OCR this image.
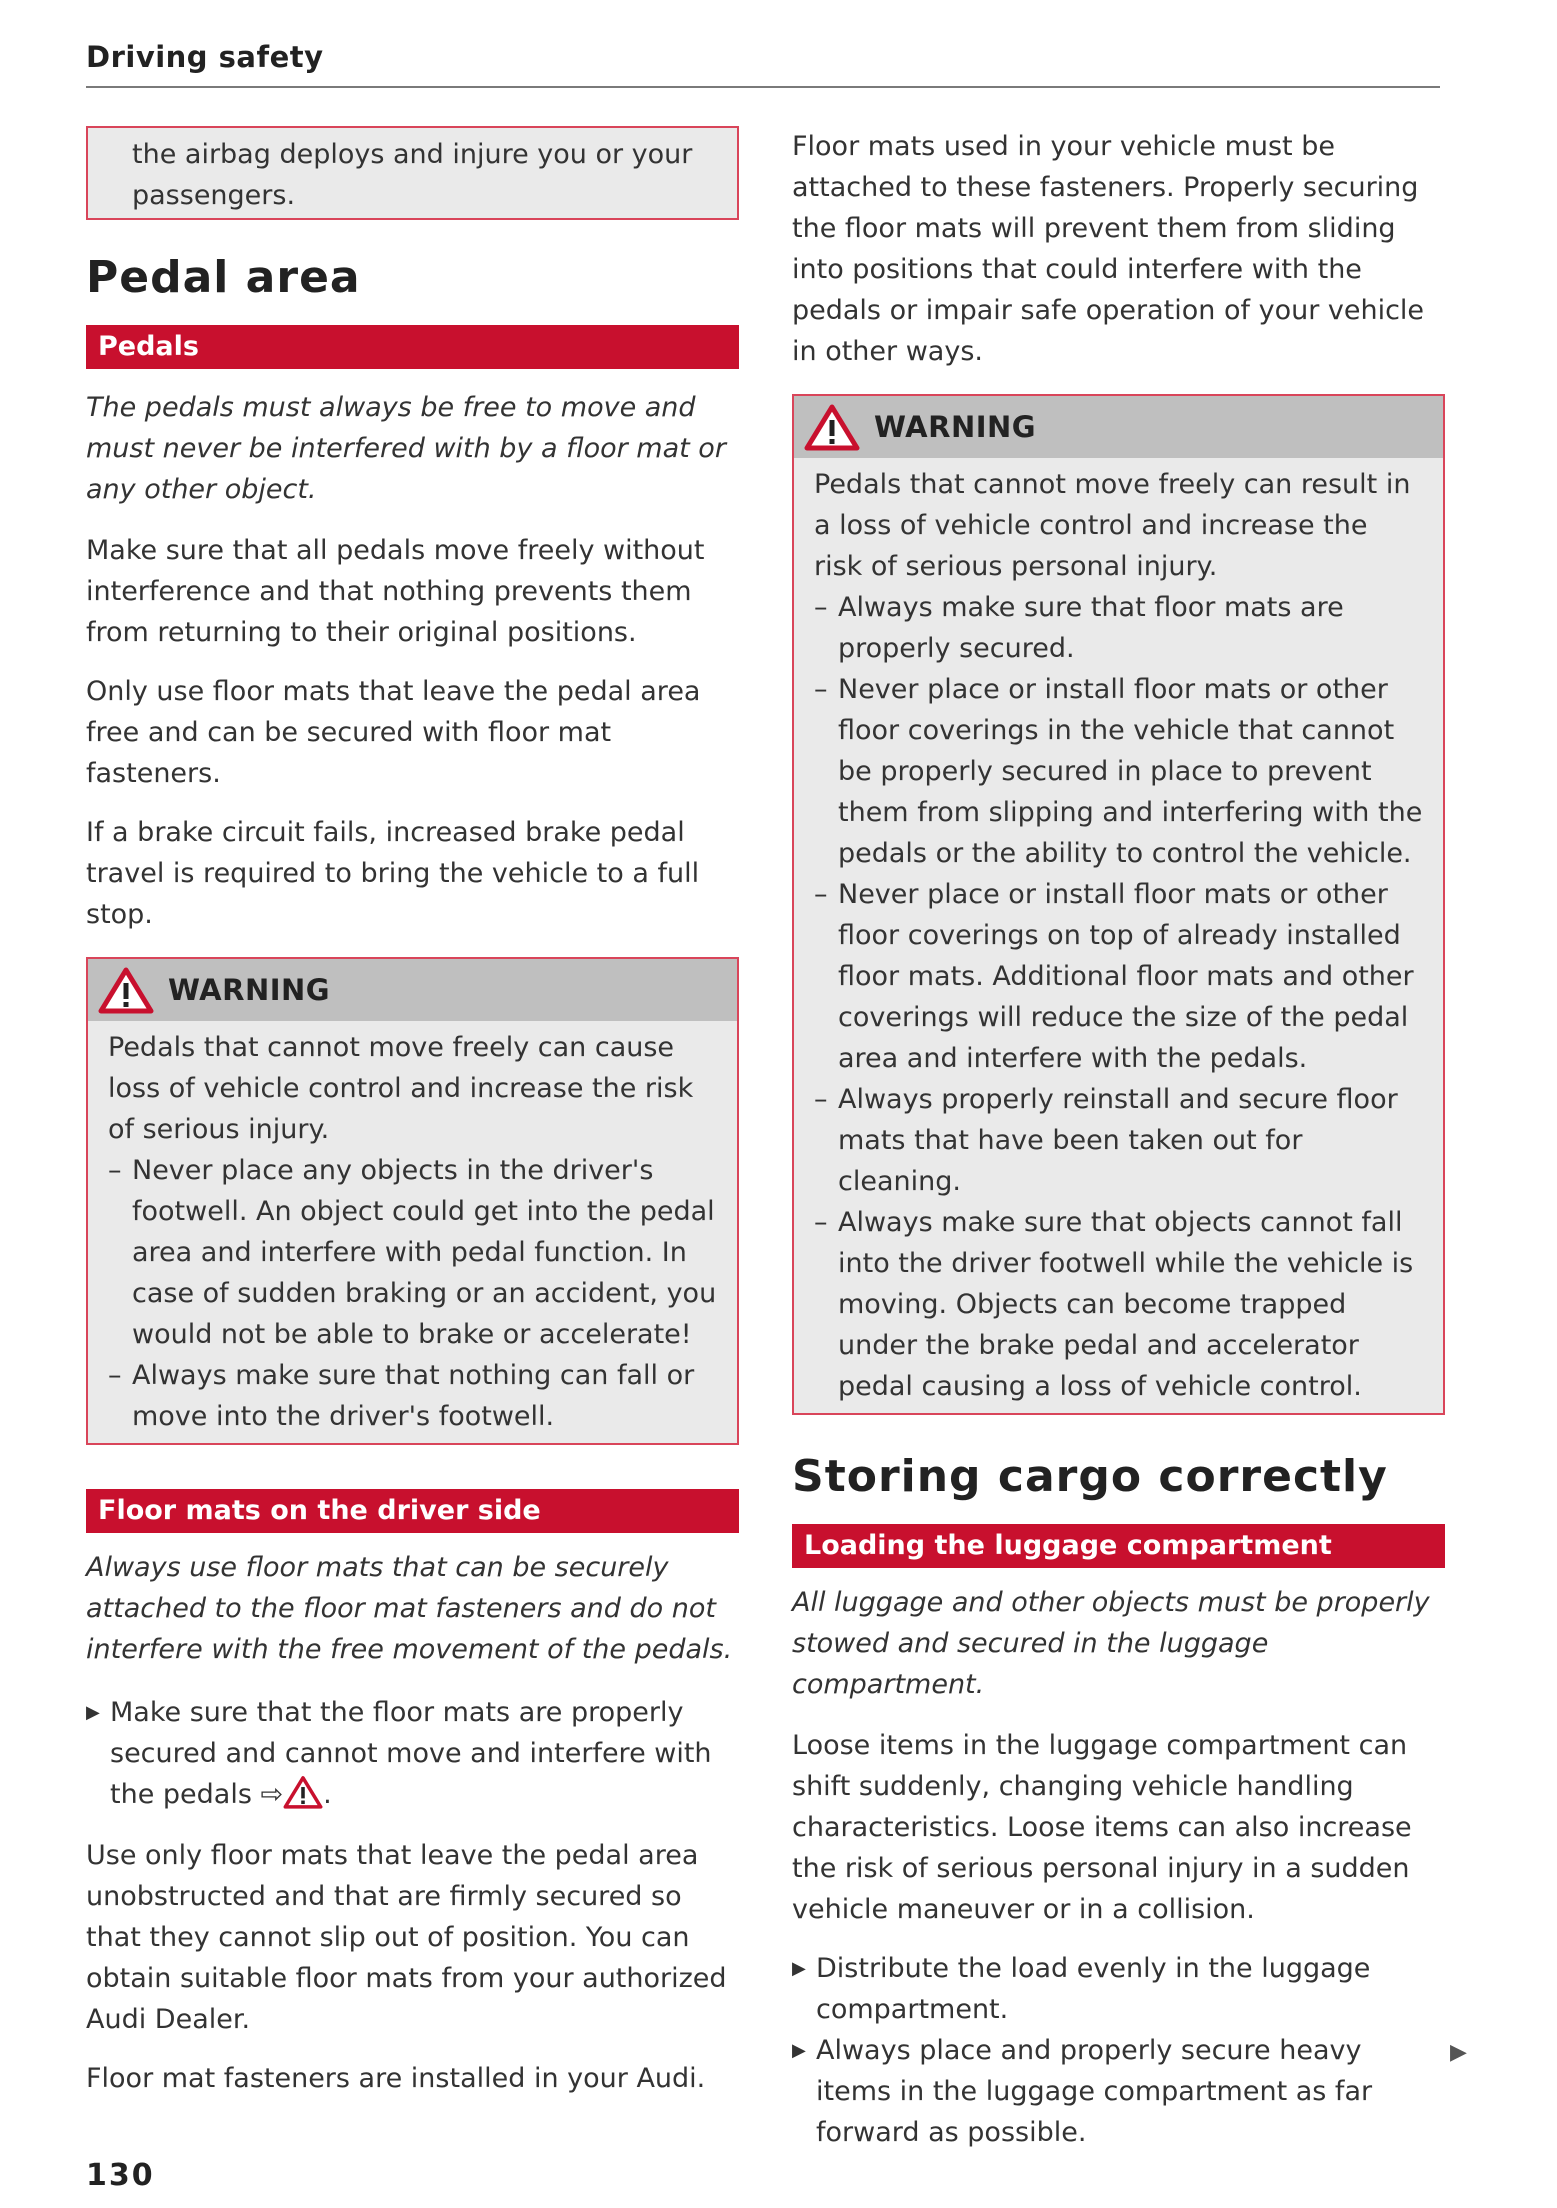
Driving safety

the airbag deploys and injure you or your passengers.

Pedal area
Pedals

The pedals must always be free to move and must never be interfered with by a floor mat or any other object.

Make sure that all pedals move freely without interference and that nothing prevents them from returning to their original positions.

Only use floor mats that leave the pedal area free and can be secured with floor mat fasteners.

If a brake circuit fails, increased brake pedal travel is required to bring the vehicle to a full stop.

WARNING

Pedals that cannot move freely can cause loss of vehicle control and increase the risk of serious injury.

– Never place any objects in the driver's footwell. An object could get into the pedal area and interfere with pedal function. In case of sudden braking or an accident, you would not be able to brake or accelerate!
– Always make sure that nothing can fall or move into the driver's footwell.
Floor mats on the driver side

Always use floor mats that can be securely attached to the floor mat fasteners and do not interfere with the free movement of the pedals.

▶ Make sure that the floor mats are properly secured and cannot move and interfere with the pedals ⇨ .

Use only floor mats that leave the pedal area unobstructed and that are firmly secured so that they cannot slip out of position. You can obtain suitable floor mats from your authorized Audi Dealer.

Floor mat fasteners are installed in your Audi.

Floor mats used in your vehicle must be attached to these fasteners. Properly securing the floor mats will prevent them from sliding into positions that could interfere with the pedals or impair safe operation of your vehicle in other ways.

WARNING

Pedals that cannot move freely can result in a loss of vehicle control and increase the risk of serious personal injury.

– Always make sure that floor mats are properly secured.
– Never place or install floor mats or other floor coverings in the vehicle that cannot be properly secured in place to prevent them from slipping and interfering with the pedals or the ability to control the vehicle.
– Never place or install floor mats or other floor coverings on top of already installed floor mats. Additional floor mats and other coverings will reduce the size of the pedal area and interfere with the pedals.
– Always properly reinstall and secure floor mats that have been taken out for cleaning.
– Always make sure that objects cannot fall into the driver footwell while the vehicle is moving. Objects can become trapped under the brake pedal and accelerator pedal causing a loss of vehicle control.
Storing cargo correctly
Loading the luggage compartment

All luggage and other objects must be properly stowed and secured in the luggage compartment.

Loose items in the luggage compartment can shift suddenly, changing vehicle handling characteristics. Loose items can also increase the risk of serious personal injury in a sudden vehicle maneuver or in a collision.

▶ Distribute the load evenly in the luggage compartment.
▶ Always place and properly secure heavy items in the luggage compartment as far forward as possible.
▶
130
